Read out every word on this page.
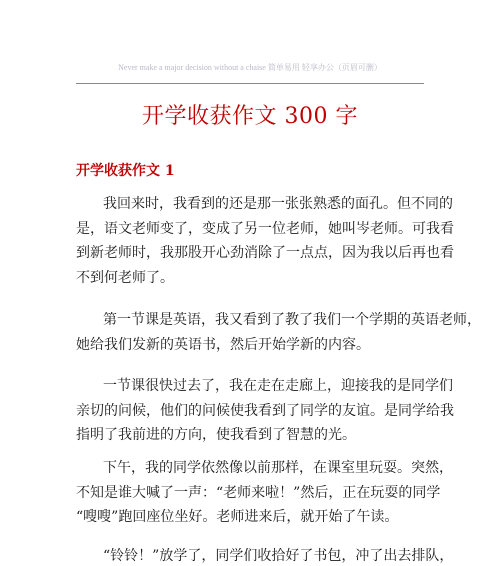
Never make a major decision without a chaise 简单易用 轻享办公（页眉可删）
开学收获作文 300 字
开学收获作文 1
我回来时，我看到的还是那一张张熟悉的面孔。但不同的
是，语文老师变了，变成了另一位老师，她叫岑老师。可我看
到新老师时，我那股开心劲消除了一点点，因为我以后再也看
不到何老师了。
第一节课是英语，我又看到了教了我们一个学期的英语老师，
她给我们发新的英语书，然后开始学新的内容。
一节课很快过去了，我在走在走廊上，迎接我的是同学们
亲切的问候，他们的问候使我看到了同学的友谊。是同学给我
指明了我前进的方向，使我看到了智慧的光。
下午，我的同学依然像以前那样，在课室里玩耍。突然，
不知是谁大喊了一声：“老师来啦！”然后，正在玩耍的同学
“嗖嗖”跑回座位坐好。老师进来后，就开始了午读。
“铃铃！”放学了，同学们收拾好了书包，冲了出去排队，
